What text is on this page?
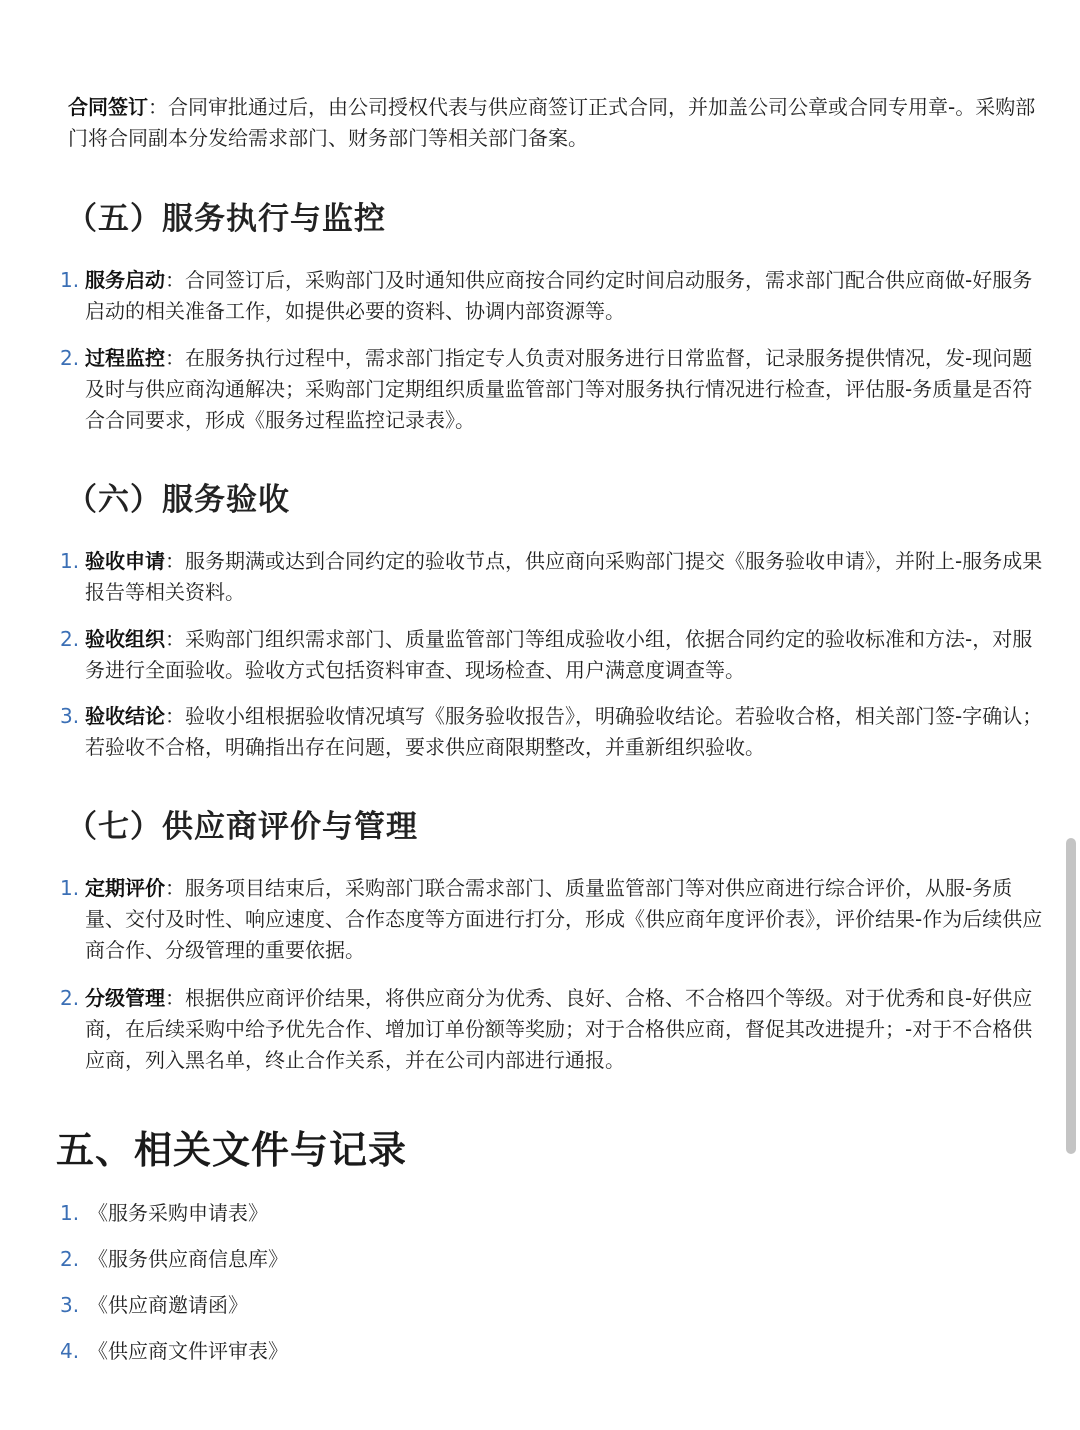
合同签订：合同审批通过后，由公司授权代表与供应商签订正式合同，并加盖公司公章或合同专用章-。采购部门将合同副本分发给需求部门、财务部门等相关部门备案。
（五）服务执行与监控
1. 服务启动：合同签订后，采购部门及时通知供应商按合同约定时间启动服务，需求部门配合供应商做-好服务启动的相关准备工作，如提供必要的资料、协调内部资源等。
2. 过程监控：在服务执行过程中，需求部门指定专人负责对服务进行日常监督，记录服务提供情况，发-现问题及时与供应商沟通解决；采购部门定期组织质量监管部门等对服务执行情况进行检查，评估服-务质量是否符合合同要求，形成《服务过程监控记录表》。
（六）服务验收
1. 验收申请：服务期满或达到合同约定的验收节点，供应商向采购部门提交《服务验收申请》，并附上-服务成果报告等相关资料。
2. 验收组织：采购部门组织需求部门、质量监管部门等组成验收小组，依据合同约定的验收标准和方法-，对服务进行全面验收。验收方式包括资料审查、现场检查、用户满意度调查等。
3. 验收结论：验收小组根据验收情况填写《服务验收报告》，明确验收结论。若验收合格，相关部门签-字确认；若验收不合格，明确指出存在问题，要求供应商限期整改，并重新组织验收。
（七）供应商评价与管理
1. 定期评价：服务项目结束后，采购部门联合需求部门、质量监管部门等对供应商进行综合评价，从服-务质量、交付及时性、响应速度、合作态度等方面进行打分，形成《供应商年度评价表》，评价结果-作为后续供应商合作、分级管理的重要依据。
2. 分级管理：根据供应商评价结果，将供应商分为优秀、良好、合格、不合格四个等级。对于优秀和良-好供应商，在后续采购中给予优先合作、增加订单份额等奖励；对于合格供应商，督促其改进提升；-对于不合格供应商，列入黑名单，终止合作关系，并在公司内部进行通报。
五、相关文件与记录
1. 《服务采购申请表》
2. 《服务供应商信息库》
3. 《供应商邀请函》
4. 《供应商文件评审表》
